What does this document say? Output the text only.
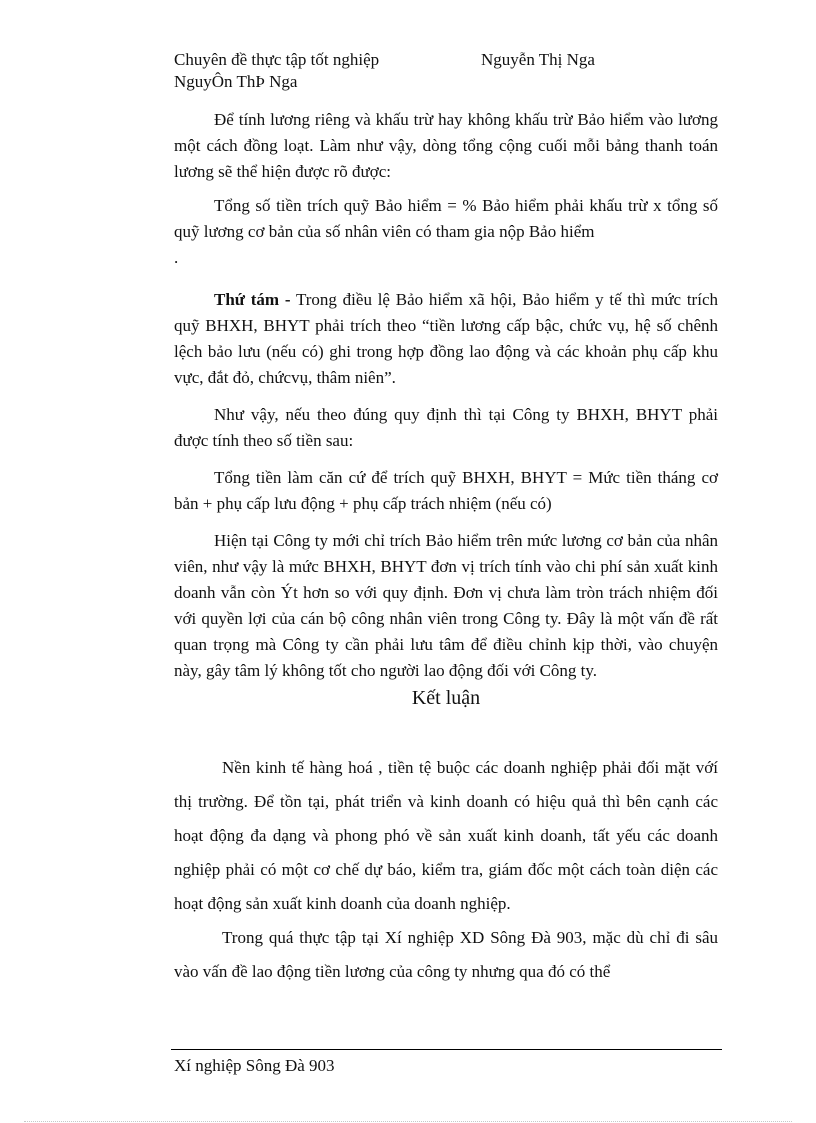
Chuyên đề thực tập tốt nghiệp	Nguyễn Thị Nga
NguyÔn ThÞ Nga

Để tính lương riêng và khấu trừ hay không khấu trừ Bảo hiểm vào lương một cách đồng loạt. Làm như vậy, dòng tổng cộng cuối mỗi bảng thanh toán lương sẽ thể hiện được rõ được:

Tổng số tiền trích quỹ Bảo hiểm = % Bảo hiểm phải khấu trừ x tổng số quỹ lương cơ bản của số nhân viên có tham gia nộp Bảo hiểm

.

Thứ tám - Trong điều lệ Bảo hiểm xã hội, Bảo hiểm y tế thì mức trích quỹ BHXH, BHYT phải trích theo “tiền lương cấp bậc, chức vụ, hệ số chênh lệch bảo lưu (nếu có) ghi trong hợp đồng lao động và các khoản phụ cấp khu vực, đắt đỏ, chứcvụ, thâm niên”.

Như vậy, nếu theo đúng quy định thì tại Công ty BHXH, BHYT phải được tính theo số tiền sau:

Tổng tiền làm căn cứ để trích quỹ BHXH, BHYT = Mức tiền tháng cơ bản + phụ cấp lưu động + phụ cấp trách nhiệm (nếu có)

Hiện tại Công ty mới chỉ trích Bảo hiểm trên mức lương cơ bản của nhân viên, như vậy là mức BHXH, BHYT đơn vị trích tính vào chi phí sản xuất kinh doanh vẫn còn Ýt hơn so với quy định. Đơn vị chưa làm tròn trách nhiệm đối với quyền lợi của cán bộ công nhân viên trong Công ty. Đây là một vấn đề rất quan trọng mà Công ty cần phải lưu tâm để điều chỉnh kịp thời, vào chuyện này, gây tâm lý không tốt cho người lao động đối với Công ty.

Kết luận

Nền kinh tế hàng hoá , tiền tệ buộc các doanh nghiệp phải đối mặt vớí thị trường. Để tồn tại, phát triển và kinh doanh có hiệu quả thì bên cạnh các hoạt động đa dạng và phong phó về sản xuất kinh doanh, tất yếu các doanh nghiệp phải có một cơ chế dự báo, kiểm tra, giám đốc một cách toàn diện các hoạt động sản xuất kinh doanh của doanh nghiệp.

Trong quá thực tập tại Xí nghiệp XD Sông Đà 903, mặc dù chỉ đi sâu vào vấn đề lao động tiền lương của công ty nhưng qua đó có thể

Xí nghiệp Sông Đà 903
